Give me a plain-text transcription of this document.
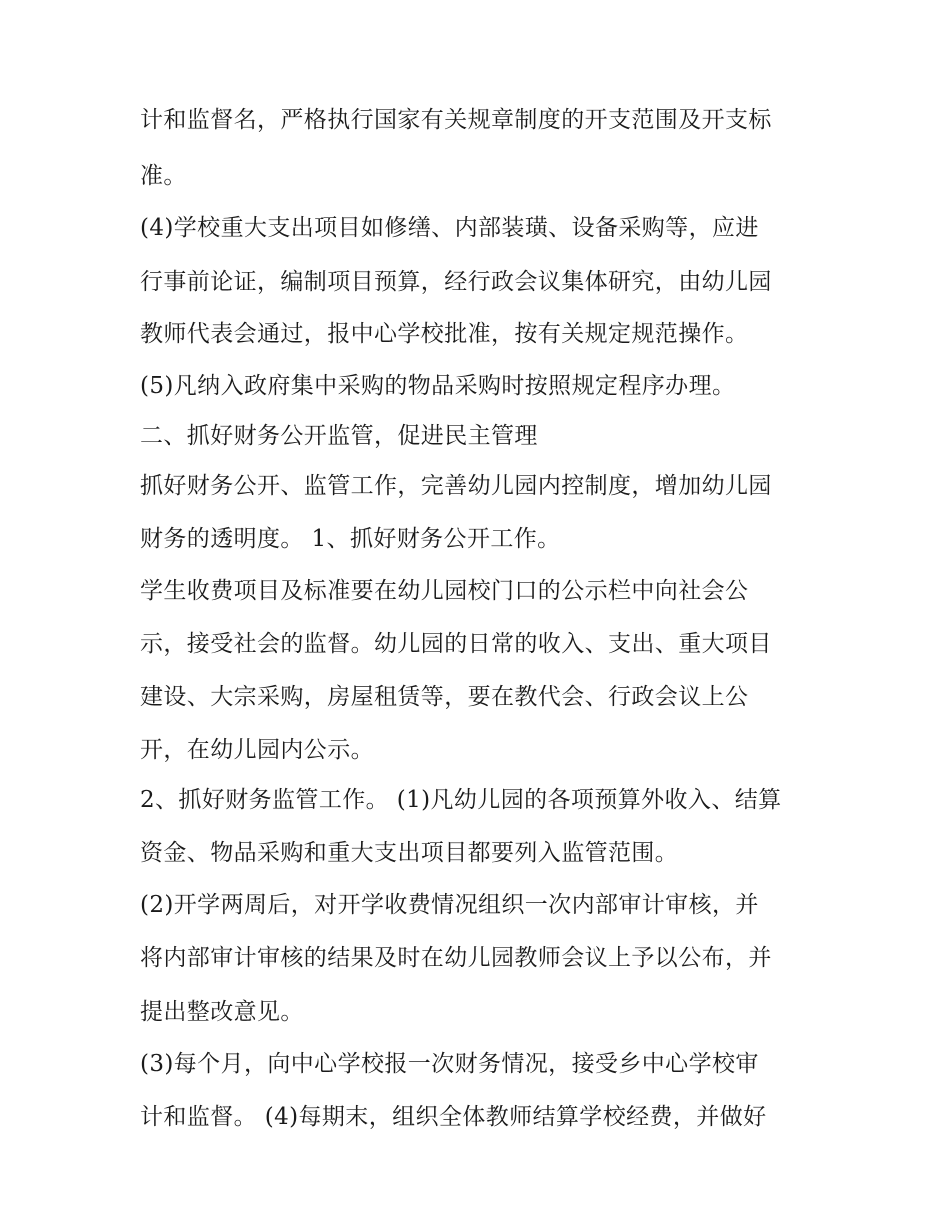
计和监督名，严格执行国家有关规章制度的开支范围及开支标
准。
(4)学校重大支出项目如修缮、内部装璜、设备采购等，应进
行事前论证，编制项目预算，经行政会议集体研究，由幼儿园
教师代表会通过，报中心学校批准，按有关规定规范操作。
(5)凡纳入政府集中采购的物品采购时按照规定程序办理。
二、抓好财务公开监管，促进民主管理
抓好财务公开、监管工作，完善幼儿园内控制度，增加幼儿园
财务的透明度。 1、抓好财务公开工作。
学生收费项目及标准要在幼儿园校门口的公示栏中向社会公
示，接受社会的监督。幼儿园的日常的收入、支出、重大项目
建设、大宗采购，房屋租赁等，要在教代会、行政会议上公
开，在幼儿园内公示。
2、抓好财务监管工作。 (1)凡幼儿园的各项预算外收入、结算
资金、物品采购和重大支出项目都要列入监管范围。
(2)开学两周后，对开学收费情况组织一次内部审计审核，并
将内部审计审核的结果及时在幼儿园教师会议上予以公布，并
提出整改意见。
(3)每个月，向中心学校报一次财务情况，接受乡中心学校审
计和监督。 (4)每期末，组织全体教师结算学校经费，并做好
